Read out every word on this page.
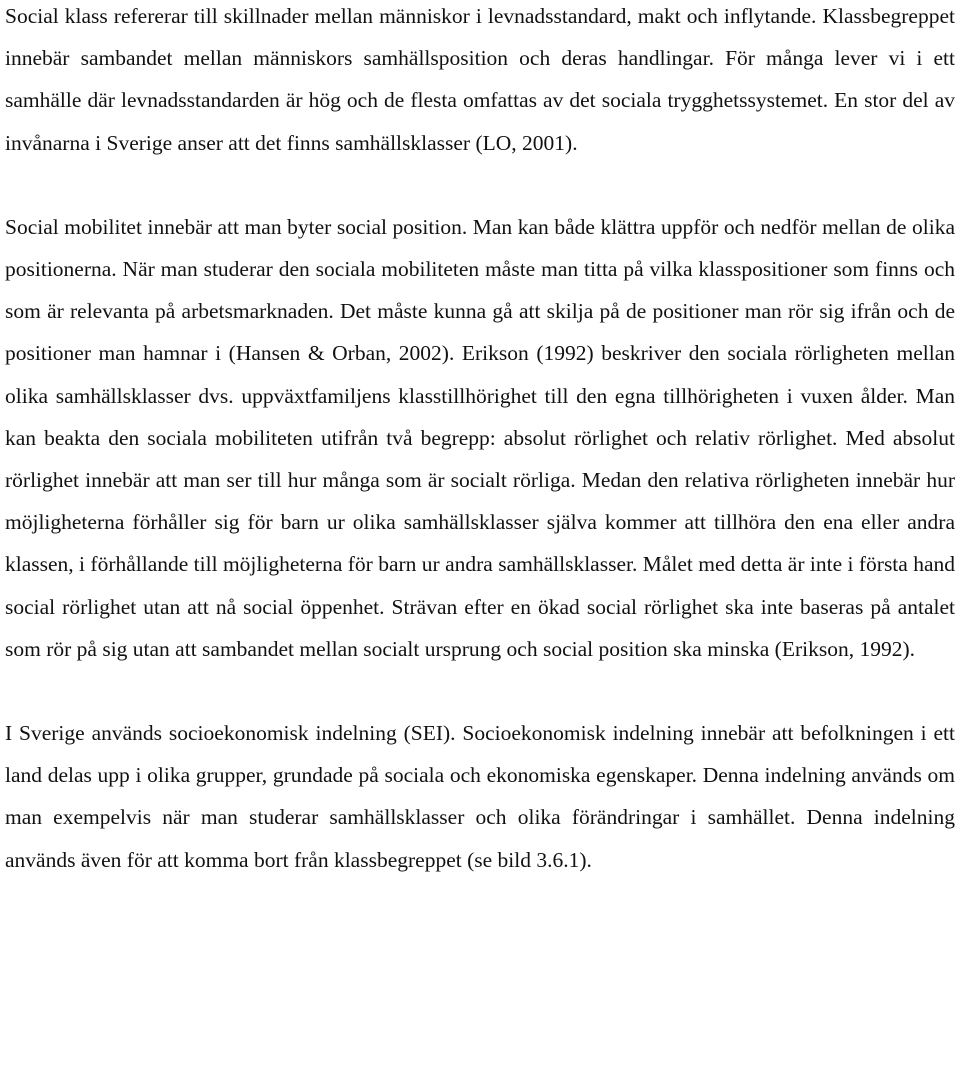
Social klass refererar till skillnader mellan människor i levnadsstandard, makt och inflytande. Klassbegreppet innebär sambandet mellan människors samhällsposition och deras handlingar. För många lever vi i ett samhälle där levnadsstandarden är hög och de flesta omfattas av det sociala trygghetssystemet. En stor del av invånarna i Sverige anser att det finns samhällsklasser (LO, 2001).

Social mobilitet innebär att man byter social position. Man kan både klättra uppför och nedför mellan de olika positionerna. När man studerar den sociala mobiliteten måste man titta på vilka klasspositioner som finns och som är relevanta på arbetsmarknaden. Det måste kunna gå att skilja på de positioner man rör sig ifrån och de positioner man hamnar i (Hansen & Orban, 2002). Erikson (1992) beskriver den sociala rörligheten mellan olika samhällsklasser dvs. uppväxtfamiljens klasstillhörighet till den egna tillhörigheten i vuxen ålder. Man kan beakta den sociala mobiliteten utifrån två begrepp: absolut rörlighet och relativ rörlighet. Med absolut rörlighet innebär att man ser till hur många som är socialt rörliga. Medan den relativa rörligheten innebär hur möjligheterna förhåller sig för barn ur olika samhällsklasser själva kommer att tillhöra den ena eller andra klassen, i förhållande till möjligheterna för barn ur andra samhällsklasser. Målet med detta är inte i första hand social rörlighet utan att nå social öppenhet. Strävan efter en ökad social rörlighet ska inte baseras på antalet som rör på sig utan att sambandet mellan socialt ursprung och social position ska minska (Erikson, 1992).

I Sverige används socioekonomisk indelning (SEI). Socioekonomisk indelning innebär att befolkningen i ett land delas upp i olika grupper, grundade på sociala och ekonomiska egenskaper. Denna indelning används om man exempelvis när man studerar samhällsklasser och olika förändringar i samhället. Denna indelning används även för att komma bort från klassbegreppet (se bild 3.6.1).
